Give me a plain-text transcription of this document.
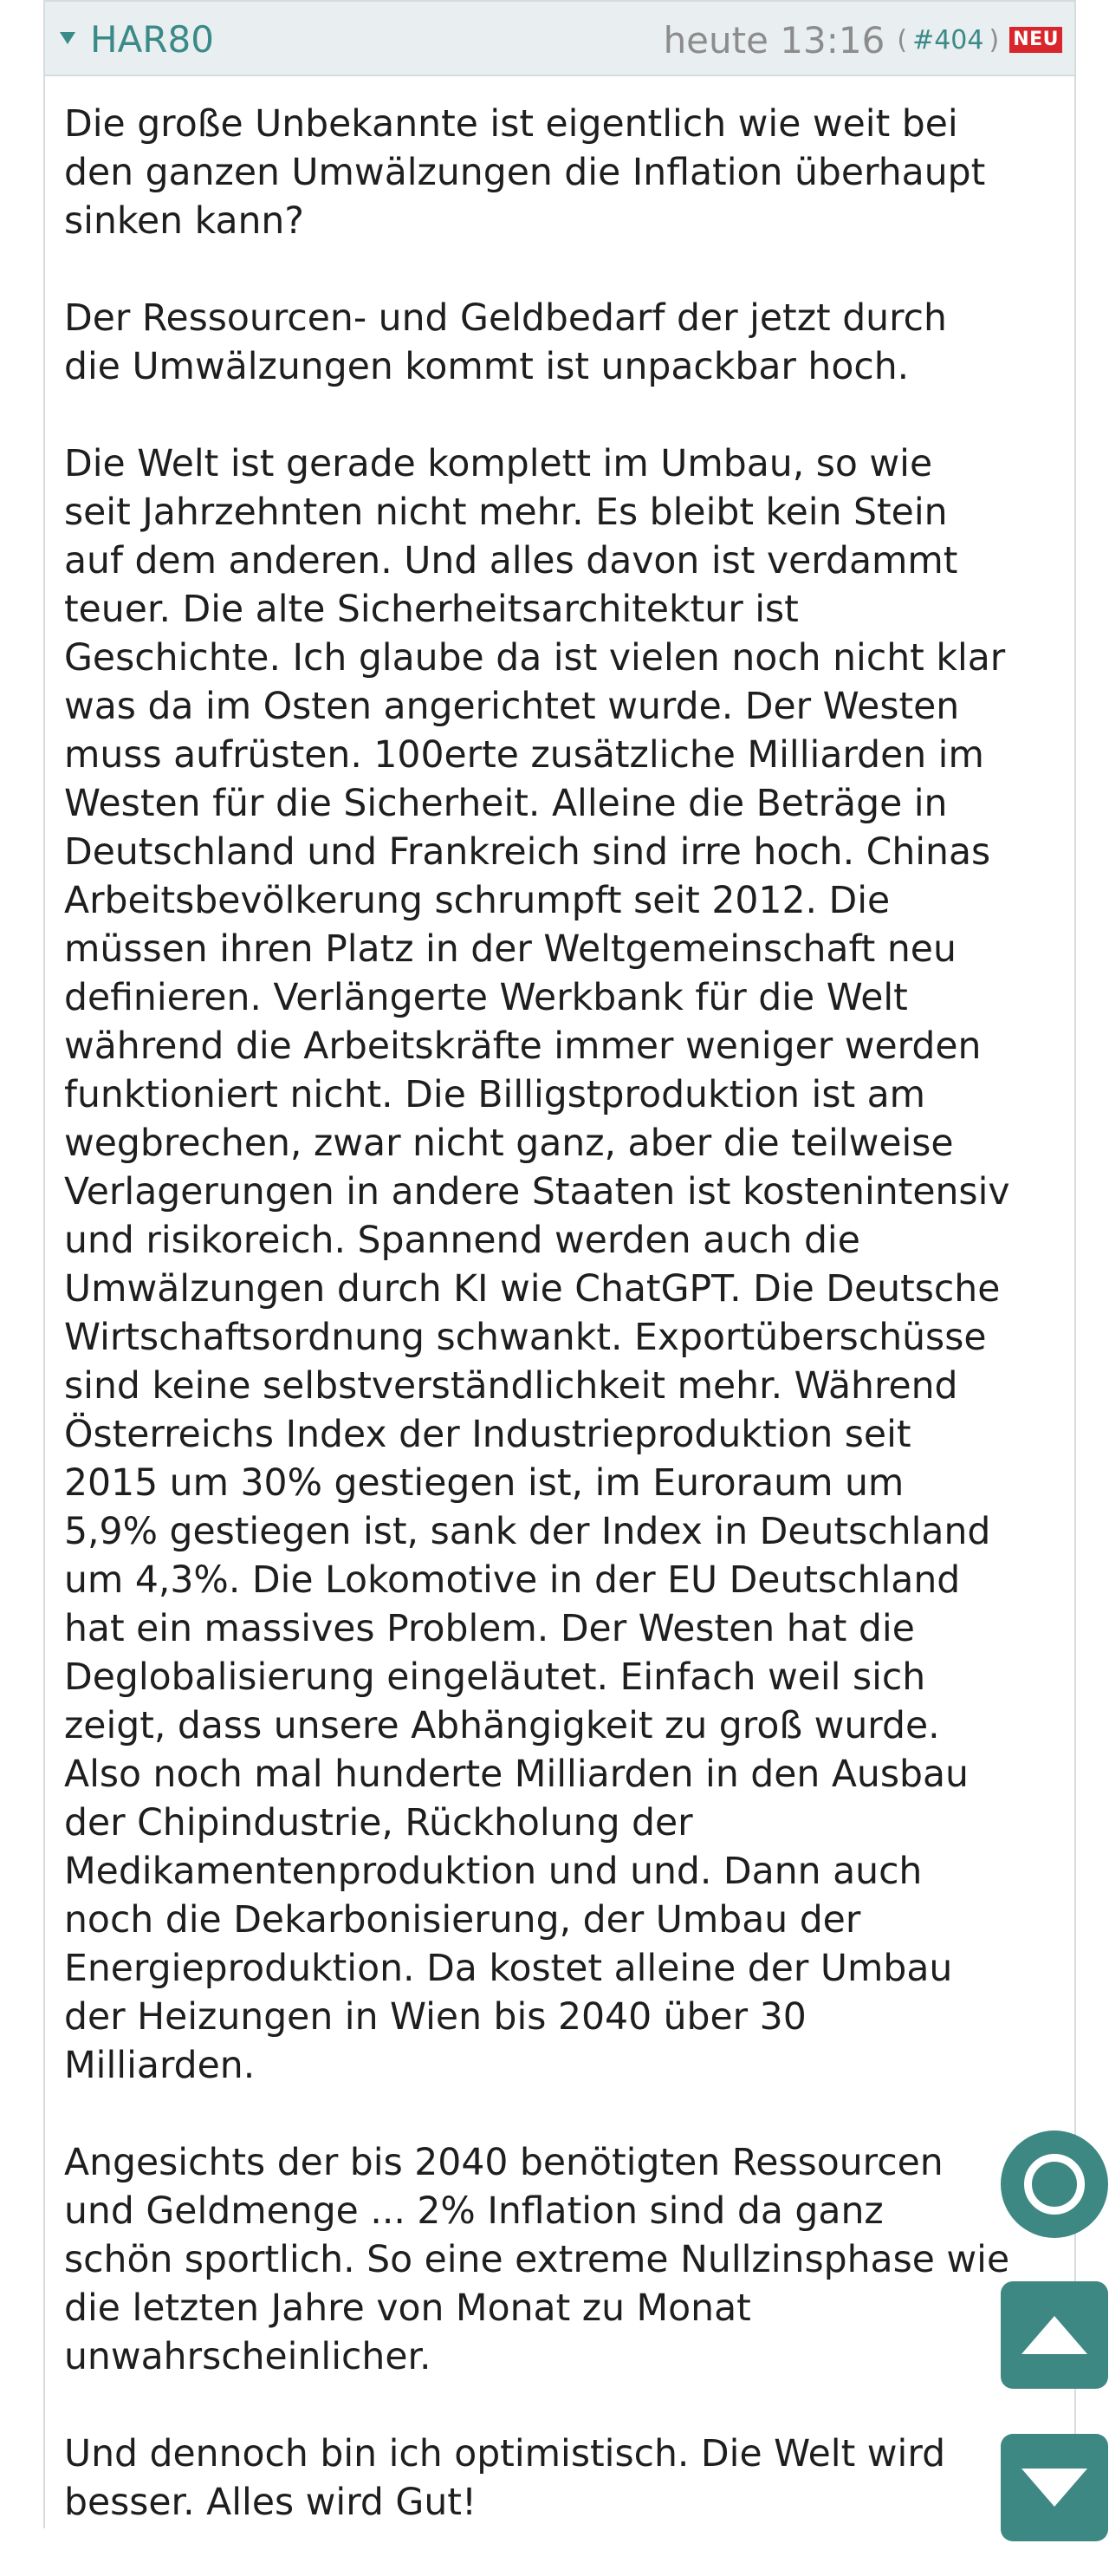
HAR80	heute 13:16 ( #404 ) NEU

Die große Unbekannte ist eigentlich wie weit bei
den ganzen Umwälzungen die Inflation überhaupt
sinken kann?

Der Ressourcen- und Geldbedarf der jetzt durch
die Umwälzungen kommt ist unpackbar hoch.

Die Welt ist gerade komplett im Umbau, so wie
seit Jahrzehnten nicht mehr. Es bleibt kein Stein
auf dem anderen. Und alles davon ist verdammt
teuer. Die alte Sicherheitsarchitektur ist
Geschichte. Ich glaube da ist vielen noch nicht klar
was da im Osten angerichtet wurde. Der Westen
muss aufrüsten. 100erte zusätzliche Milliarden im
Westen für die Sicherheit. Alleine die Beträge in
Deutschland und Frankreich sind irre hoch. Chinas
Arbeitsbevölkerung schrumpft seit 2012. Die
müssen ihren Platz in der Weltgemeinschaft neu
definieren. Verlängerte Werkbank für die Welt
während die Arbeitskräfte immer weniger werden
funktioniert nicht. Die Billigstproduktion ist am
wegbrechen, zwar nicht ganz, aber die teilweise
Verlagerungen in andere Staaten ist kostenintensiv
und risikoreich. Spannend werden auch die
Umwälzungen durch KI wie ChatGPT. Die Deutsche
Wirtschaftsordnung schwankt. Exportüberschüsse
sind keine selbstverständlichkeit mehr. Während
Österreichs Index der Industrieproduktion seit
2015 um 30% gestiegen ist, im Euroraum um
5,9% gestiegen ist, sank der Index in Deutschland
um 4,3%. Die Lokomotive in der EU Deutschland
hat ein massives Problem. Der Westen hat die
Deglobalisierung eingeläutet. Einfach weil sich
zeigt, dass unsere Abhängigkeit zu groß wurde.
Also noch mal hunderte Milliarden in den Ausbau
der Chipindustrie, Rückholung der
Medikamentenproduktion und und. Dann auch
noch die Dekarbonisierung, der Umbau der
Energieproduktion. Da kostet alleine der Umbau
der Heizungen in Wien bis 2040 über 30
Milliarden.

Angesichts der bis 2040 benötigten Ressourcen
und Geldmenge ... 2% Inflation sind da ganz
schön sportlich. So eine extreme Nullzinsphase wie
die letzten Jahre von Monat zu Monat
unwahrscheinlicher.

Und dennoch bin ich optimistisch. Die Welt wird
besser. Alles wird Gut!
